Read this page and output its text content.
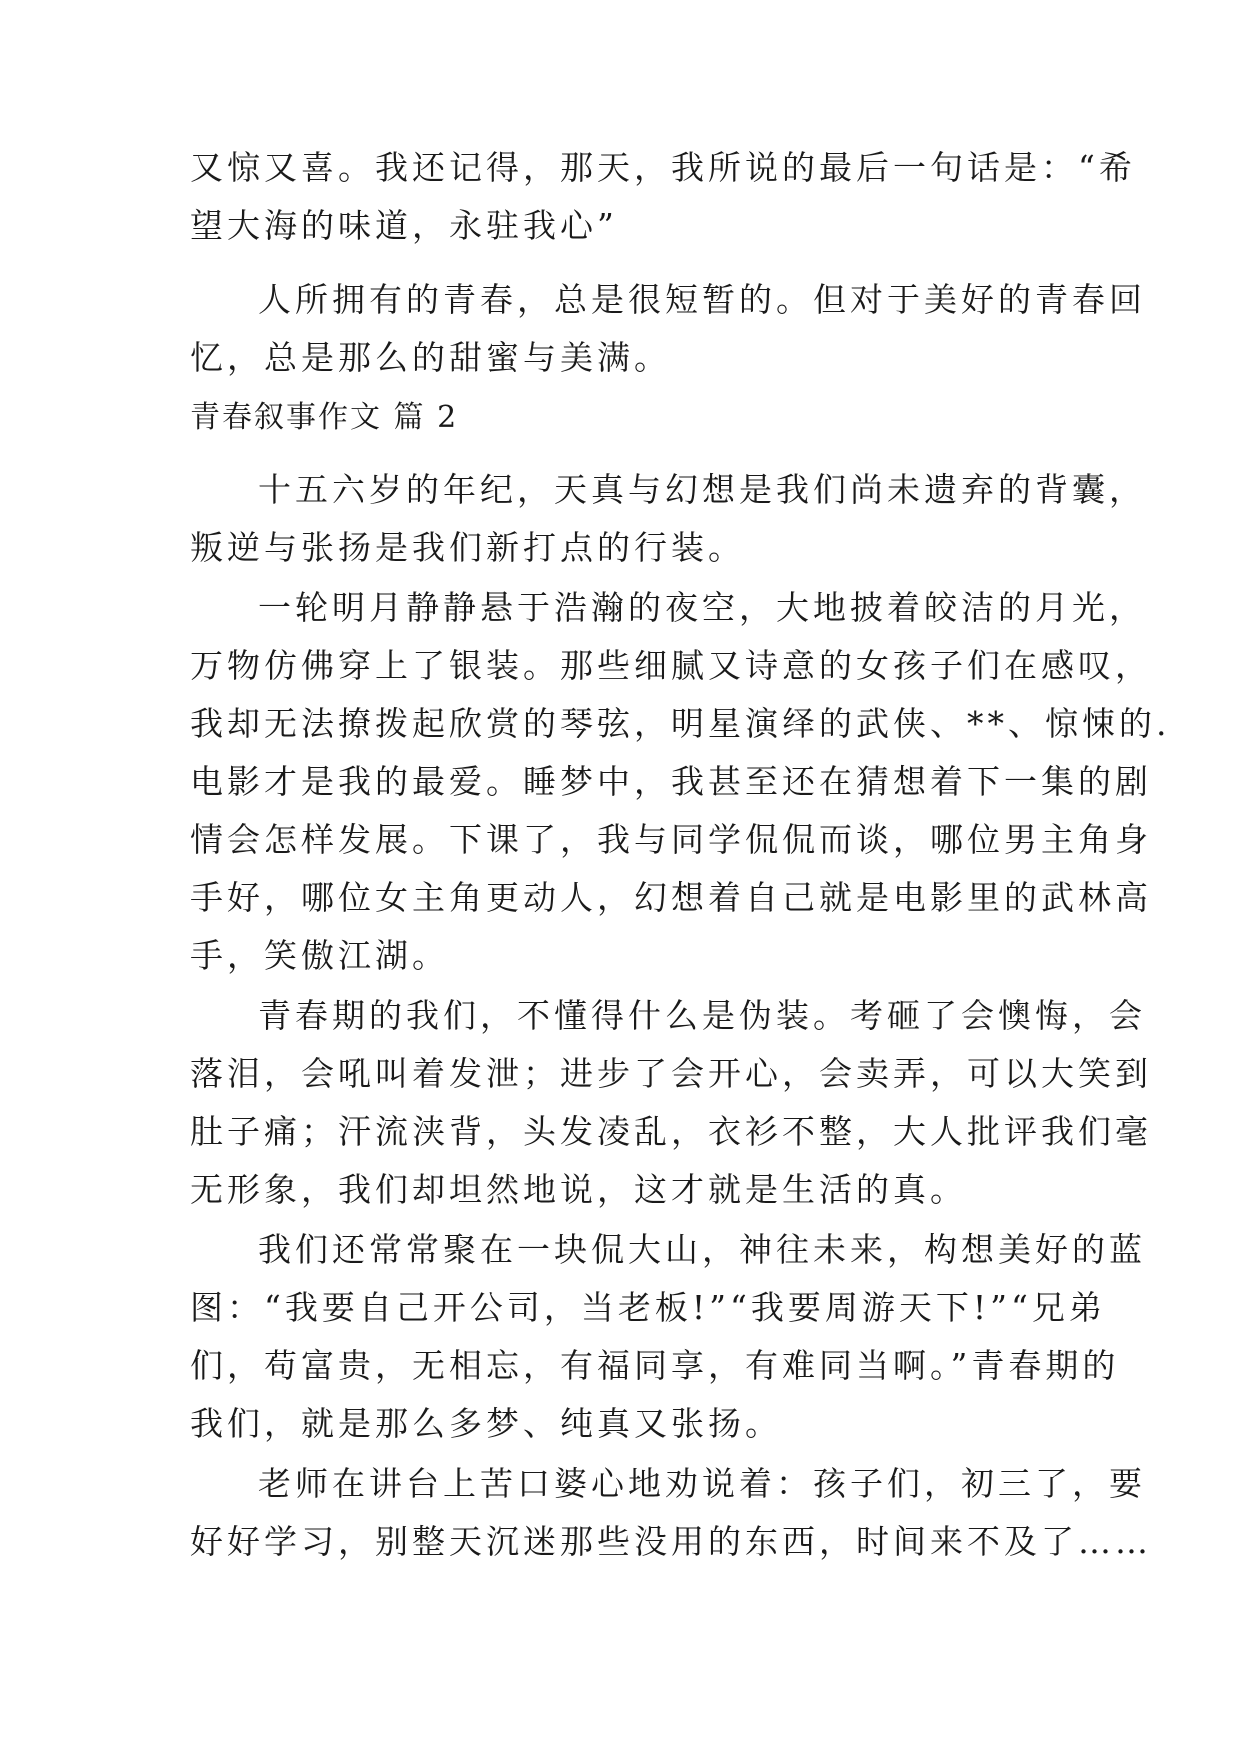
又惊又喜。我还记得，那天，我所说的最后一句话是：“希
望大海的味道，永驻我心”
人所拥有的青春，总是很短暂的。但对于美好的青春回
忆，总是那么的甜蜜与美满。
青春叙事作文 篇 2
十五六岁的年纪，天真与幻想是我们尚未遗弃的背囊，
叛逆与张扬是我们新打点的行装。
一轮明月静静悬于浩瀚的夜空，大地披着皎洁的月光，
万物仿佛穿上了银装。那些细腻又诗意的女孩子们在感叹，
我却无法撩拨起欣赏的琴弦，明星演绎的武侠、**、惊悚的.
电影才是我的最爱。睡梦中，我甚至还在猜想着下一集的剧
情会怎样发展。下课了，我与同学侃侃而谈，哪位男主角身
手好，哪位女主角更动人，幻想着自己就是电影里的武林高
手，笑傲江湖。
青春期的我们，不懂得什么是伪装。考砸了会懊悔，会
落泪，会吼叫着发泄；进步了会开心，会卖弄，可以大笑到
肚子痛；汗流浃背，头发凌乱，衣衫不整，大人批评我们毫
无形象，我们却坦然地说，这才就是生活的真。
我们还常常聚在一块侃大山，神往未来，构想美好的蓝
图：“我要自己开公司，当老板!”“我要周游天下!”“兄弟
们，苟富贵，无相忘，有福同享，有难同当啊。”青春期的
我们，就是那么多梦、纯真又张扬。
老师在讲台上苦口婆心地劝说着：孩子们，初三了，要
好好学习，别整天沉迷那些没用的东西，时间来不及了……
